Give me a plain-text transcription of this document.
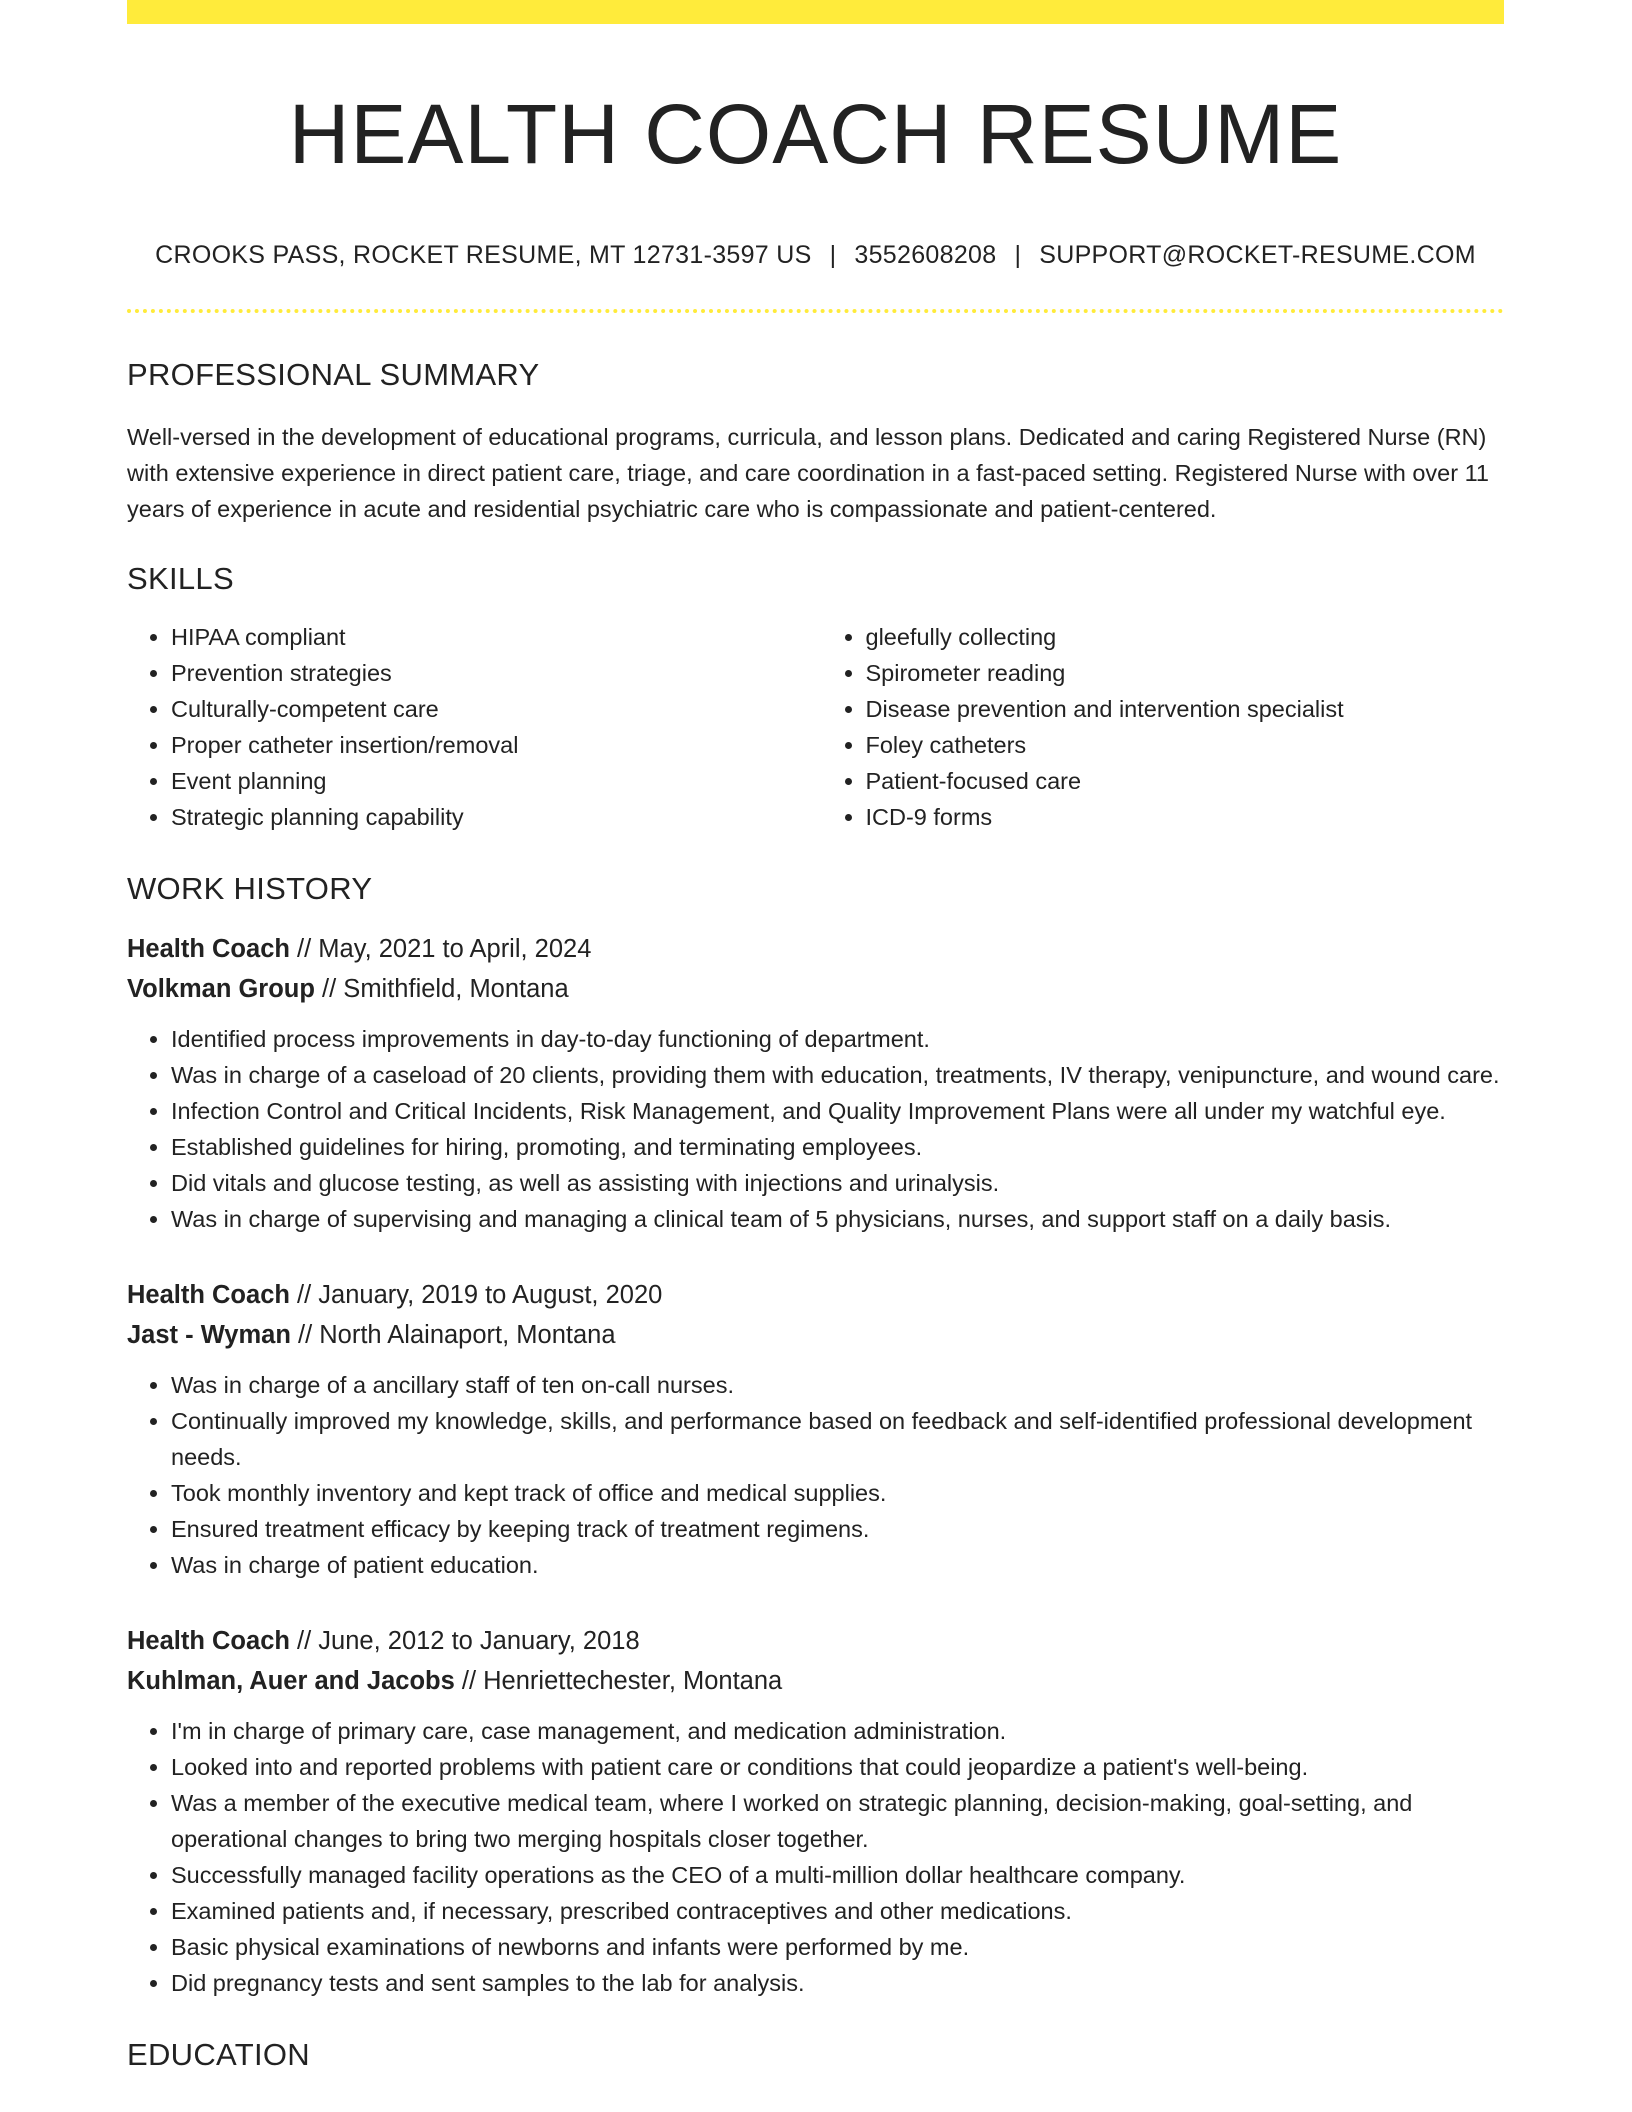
HEALTH COACH RESUME
CROOKS PASS, ROCKET RESUME, MT 12731-3597 US | 3552608208 | SUPPORT@ROCKET-RESUME.COM
PROFESSIONAL SUMMARY

Well-versed in the development of educational programs, curricula, and lesson plans. Dedicated and caring Registered Nurse (RN) with extensive experience in direct patient care, triage, and care coordination in a fast-paced setting. Registered Nurse with over 11 years of experience in acute and residential psychiatric care who is compassionate and patient-centered.

SKILLS
• HIPAA compliant
• Prevention strategies
• Culturally-competent care
• Proper catheter insertion/removal
• Event planning
• Strategic planning capability
• gleefully collecting
• Spirometer reading
• Disease prevention and intervention specialist
• Foley catheters
• Patient-focused care
• ICD-9 forms
WORK HISTORY
Health Coach // May, 2021 to April, 2024
Volkman Group // Smithfield, Montana
• Identified process improvements in day-to-day functioning of department.
• Was in charge of a caseload of 20 clients, providing them with education, treatments, IV therapy, venipuncture, and wound care.
• Infection Control and Critical Incidents, Risk Management, and Quality Improvement Plans were all under my watchful eye.
• Established guidelines for hiring, promoting, and terminating employees.
• Did vitals and glucose testing, as well as assisting with injections and urinalysis.
• Was in charge of supervising and managing a clinical team of 5 physicians, nurses, and support staff on a daily basis.
Health Coach // January, 2019 to August, 2020
Jast - Wyman // North Alainaport, Montana
• Was in charge of a ancillary staff of ten on-call nurses.
• Continually improved my knowledge, skills, and performance based on feedback and self-identified professional development needs.
• Took monthly inventory and kept track of office and medical supplies.
• Ensured treatment efficacy by keeping track of treatment regimens.
• Was in charge of patient education.
Health Coach // June, 2012 to January, 2018
Kuhlman, Auer and Jacobs // Henriettechester, Montana
• I'm in charge of primary care, case management, and medication administration.
• Looked into and reported problems with patient care or conditions that could jeopardize a patient's well-being.
• Was a member of the executive medical team, where I worked on strategic planning, decision-making, goal-setting, and operational changes to bring two merging hospitals closer together.
• Successfully managed facility operations as the CEO of a multi-million dollar healthcare company.
• Examined patients and, if necessary, prescribed contraceptives and other medications.
• Basic physical examinations of newborns and infants were performed by me.
• Did pregnancy tests and sent samples to the lab for analysis.
EDUCATION
